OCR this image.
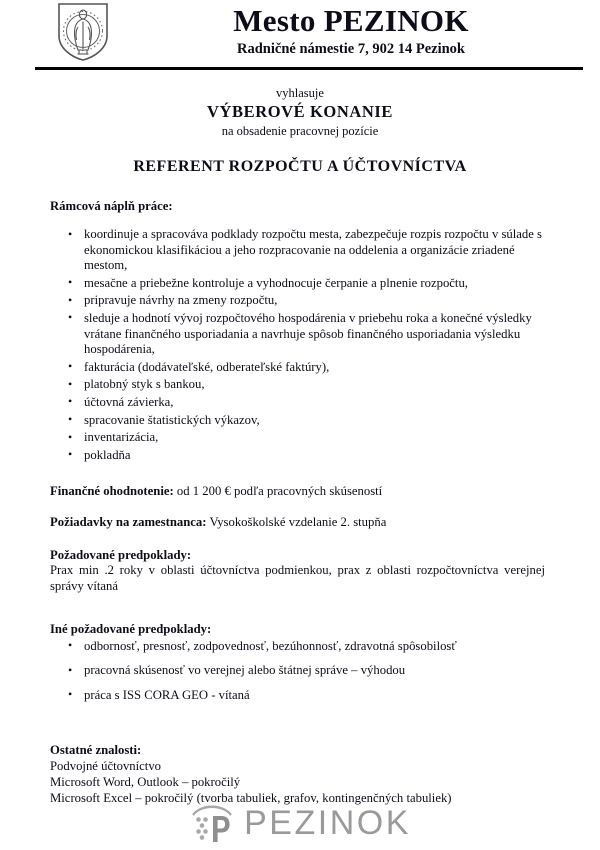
Mesto PEZINOK
Radničné námestie 7, 902 14 Pezinok
vyhlasuje
VÝBEROVÉ KONANIE
na obsadenie pracovnej pozície
REFERENT ROZPOČTU A ÚČTOVNÍCTVA
Rámcová náplň práce:
• koordinuje a spracováva podklady rozpočtu mesta, zabezpečuje rozpis rozpočtu v súlade s ekonomickou klasifikáciou a jeho rozpracovanie na oddelenia a organizácie zriadené mestom,
• mesačne a priebežne kontroluje a vyhodnocuje čerpanie a plnenie rozpočtu,
• pripravuje návrhy na zmeny rozpočtu,
• sleduje a hodnotí vývoj rozpočtového hospodárenia v priebehu roka a konečné výsledky vrátane finančného usporiadania a navrhuje spôsob finančného usporiadania výsledku hospodárenia,
• fakturácia (dodávateľské, odberateľské faktúry),
• platobný styk s bankou,
• účtovná závierka,
• spracovanie štatistických výkazov,
• inventarizácia,
• pokladňa
Finančné ohodnotenie: od 1 200 € podľa pracovných skúseností
Požiadavky na zamestnanca: Vysokoškolské vzdelanie 2. stupňa
Požadované predpoklady:
Prax min .2 roky v oblasti účtovníctva podmienkou, prax z oblasti rozpočtovníctva verejnej správy vítaná
Iné požadované predpoklady:
• odbornosť, presnosť, zodpovednosť, bezúhonnosť, zdravotná spôsobilosť
• pracovná skúsenosť vo verejnej alebo štátnej správe – výhodou
• práca s ISS CORA GEO - vítaná
Ostatné znalosti:
Podvojné účtovníctvo
Microsoft Word, Outlook – pokročilý
Microsoft Excel – pokročilý (tvorba tabuliek, grafov, kontingenčných tabuliek)
PEZINOK
